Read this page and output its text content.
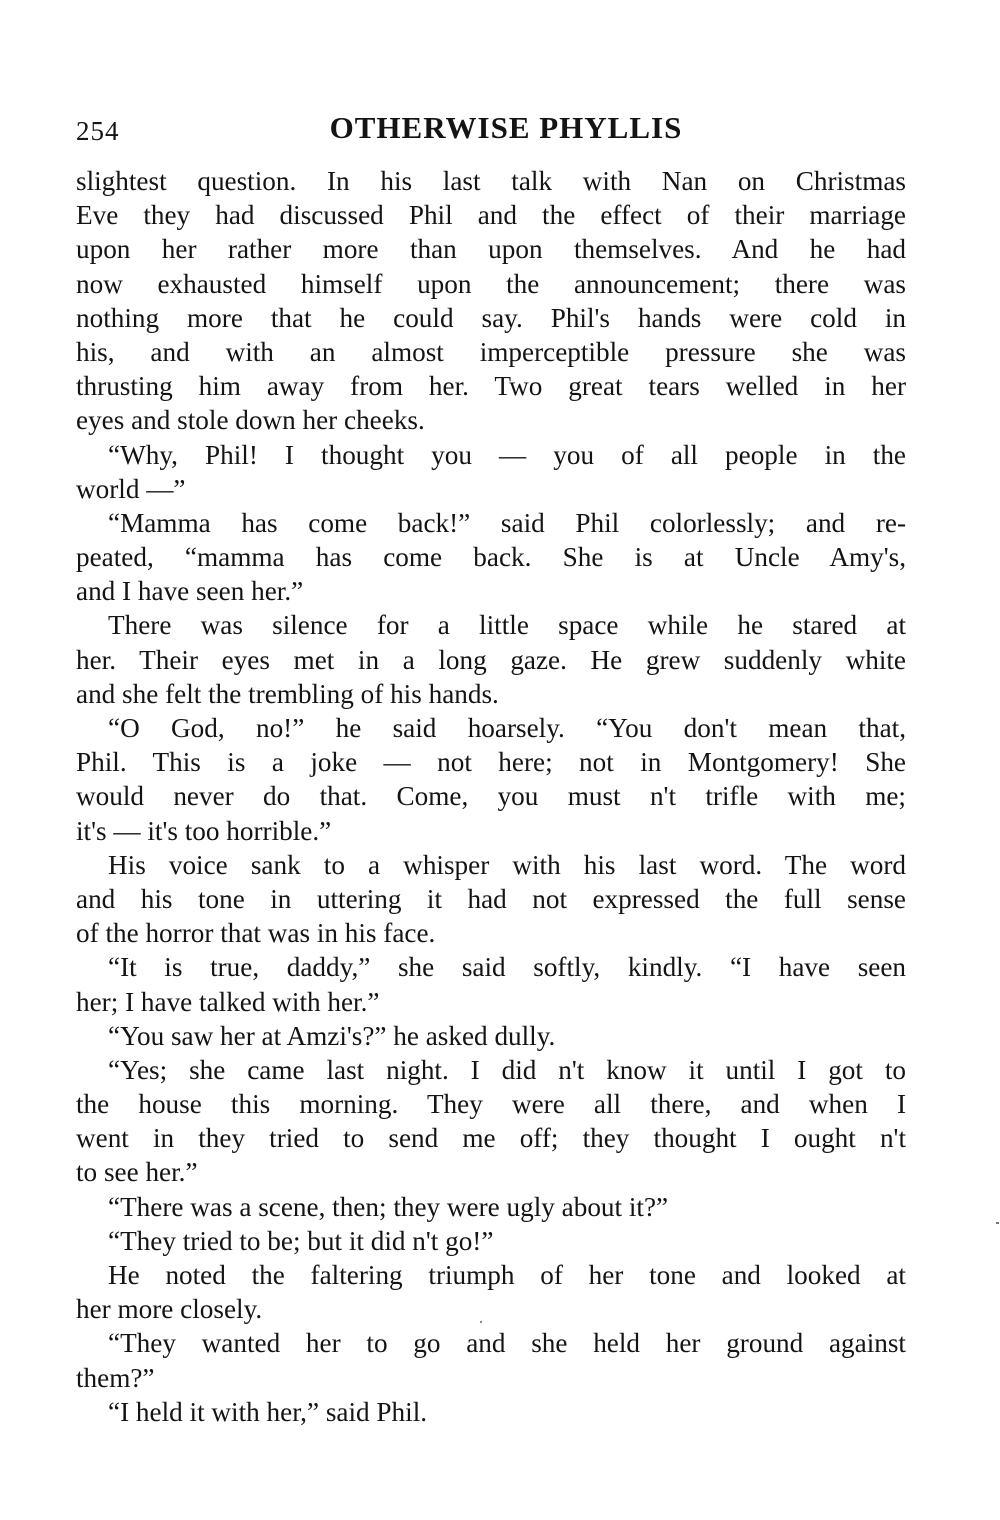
254	OTHERWISE PHYLLIS
slightest question. In his last talk with Nan on Christmas
Eve they had discussed Phil and the effect of their marriage
upon her rather more than upon themselves. And he had
now exhausted himself upon the announcement; there was
nothing more that he could say. Phil's hands were cold in
his, and with an almost imperceptible pressure she was
thrusting him away from her. Two great tears welled in her
eyes and stole down her cheeks.
“Why, Phil! I thought you — you of all people in the
world —”
“Mamma has come back!” said Phil colorlessly; and re-
peated, “mamma has come back. She is at Uncle Amy's,
and I have seen her.”
There was silence for a little space while he stared at
her. Their eyes met in a long gaze. He grew suddenly white
and she felt the trembling of his hands.
“O God, no!” he said hoarsely. “You don't mean that,
Phil. This is a joke — not here; not in Montgomery! She
would never do that. Come, you must n't trifle with me;
it's — it's too horrible.”
His voice sank to a whisper with his last word. The word
and his tone in uttering it had not expressed the full sense
of the horror that was in his face.
“It is true, daddy,” she said softly, kindly. “I have seen
her; I have talked with her.”
“You saw her at Amzi's?” he asked dully.
“Yes; she came last night. I did n't know it until I got to
the house this morning. They were all there, and when I
went in they tried to send me off; they thought I ought n't
to see her.”
“There was a scene, then; they were ugly about it?”
“They tried to be; but it did n't go!”
He noted the faltering triumph of her tone and looked at
her more closely.
“They wanted her to go and she held her ground against
them?”
“I held it with her,” said Phil.
